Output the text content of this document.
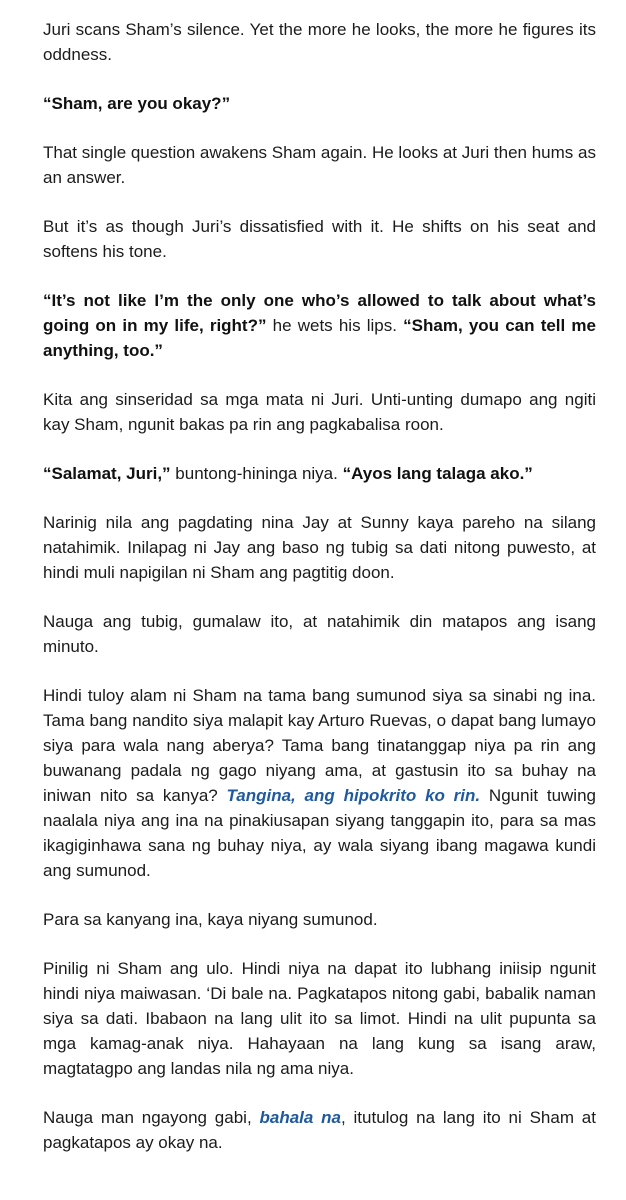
Juri scans Sham’s silence. Yet the more he looks, the more he figures its oddness.

“Sham, are you okay?”

That single question awakens Sham again. He looks at Juri then hums as an answer.

But it’s as though Juri’s dissatisfied with it. He shifts on his seat and softens his tone.

“It’s not like I’m the only one who’s allowed to talk about what’s going on in my life, right?” he wets his lips. “Sham, you can tell me anything, too.”

Kita ang sinseridad sa mga mata ni Juri. Unti-unting dumapo ang ngiti kay Sham, ngunit bakas pa rin ang pagkabalisa roon.

“Salamat, Juri,” buntong-hininga niya. “Ayos lang talaga ako.”

Narinig nila ang pagdating nina Jay at Sunny kaya pareho na silang natahimik. Inilapag ni Jay ang baso ng tubig sa dati nitong puwesto, at hindi muli napigilan ni Sham ang pagtitig doon.

Nauga ang tubig, gumalaw ito, at natahimik din matapos ang isang minuto.

Hindi tuloy alam ni Sham na tama bang sumunod siya sa sinabi ng ina. Tama bang nandito siya malapit kay Arturo Ruevas, o dapat bang lumayo siya para wala nang aberya? Tama bang tinatanggap niya pa rin ang buwanang padala ng gago niyang ama, at gastusin ito sa buhay na iniwan nito sa kanya? Tangina, ang hipokrito ko rin. Ngunit tuwing naalala niya ang ina na pinakiusapan siyang tanggapin ito, para sa mas ikagiginhawa sana ng buhay niya, ay wala siyang ibang magawa kundi ang sumunod.

Para sa kanyang ina, kaya niyang sumunod.

Pinilig ni Sham ang ulo. Hindi niya na dapat ito lubhang iniisip ngunit hindi niya maiwasan. ‘Di bale na. Pagkatapos nitong gabi, babalik naman siya sa dati. Ibabaon na lang ulit ito sa limot. Hindi na ulit pupunta sa mga kamag-anak niya. Hahayaan na lang kung sa isang araw, magtatagpo ang landas nila ng ama niya.

Nauga man ngayong gabi, bahala na, itutulog na lang ito ni Sham at pagkatapos ay okay na.
